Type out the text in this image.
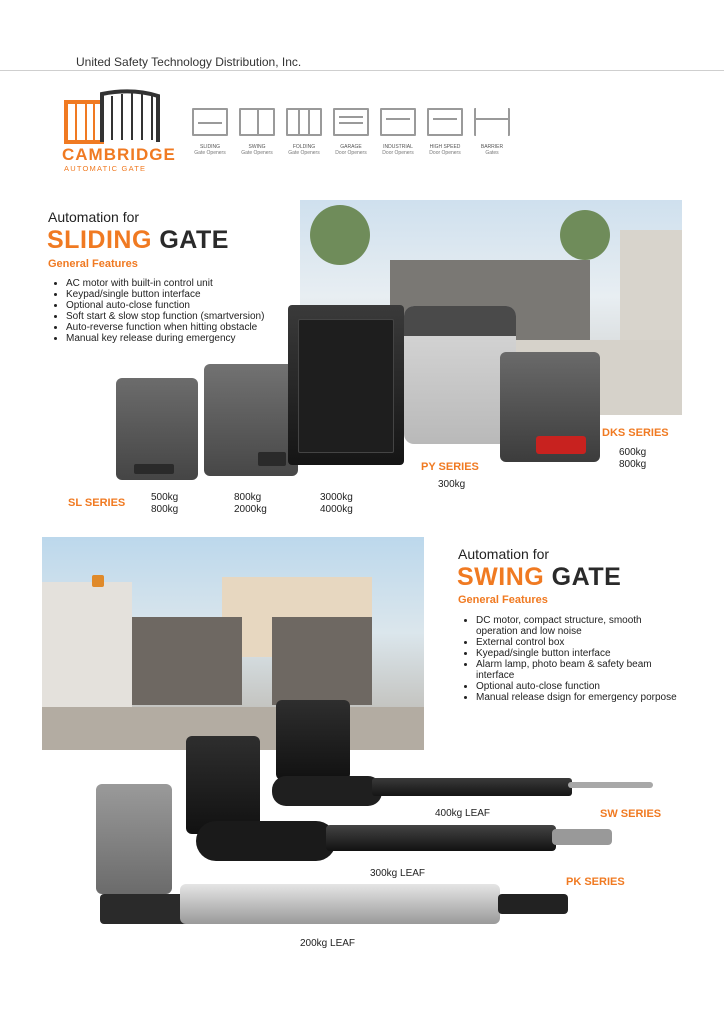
United Safety Technology Distribution, Inc.
CAMBRIDGE
AUTOMATIC GATE
SLIDING
Gate Openers
SWING
Gate Openers
FOLDING
Gate Openers
GARAGE
Door Openers
INDUSTRIAL
Door Openers
HIGH SPEED
Door Openers
BARRIER
Gates
Automation for
SLIDING GATE
General Features
• AC motor with built-in control unit
• Keypad/single button interface
• Optional auto-close function
• Soft start & slow stop function (smartversion)
• Auto-reverse function when hitting obstacle
• Manual key release during emergency
SL SERIES	500kg
800kg
800kg
2000kg
3000kg
4000kg
PY SERIES
300kg
DKS SERIES
600kg
800kg
Automation for
SWING GATE
General Features
• DC motor, compact structure, smooth operation and low noise
• External control box
• Kyepad/single button interface
• Alarm lamp, photo beam & safety beam interface
• Optional auto-close function
• Manual release dsign for emergency porpose
400kg LEAF	SW SERIES
300kg LEAF
PK SERIES
200kg LEAF
